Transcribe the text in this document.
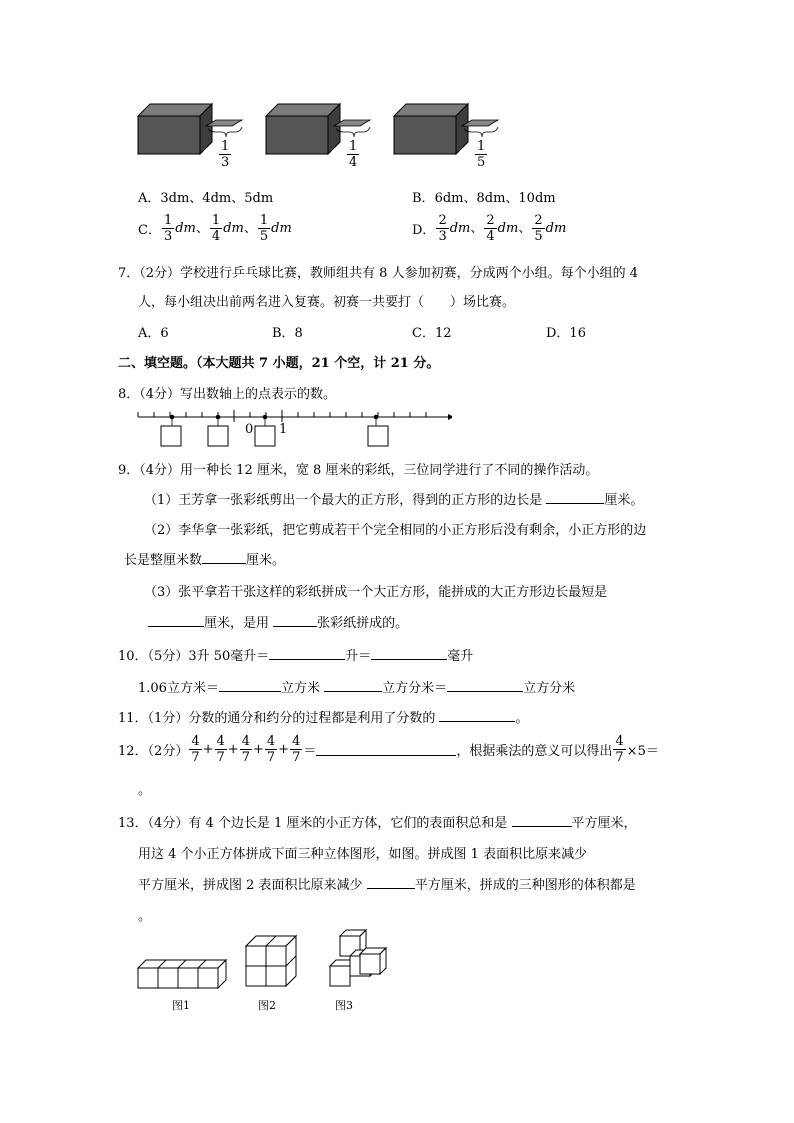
$\frac{1}{3}$	$\frac{1}{4}$	$\frac{1}{5}$
A．3dm、4dm、5dm	B．6dm、8dm、10dm
C． $\frac{1}{3}$ dm、 $\frac{1}{4}$ dm、 $\frac{1}{5}$ dm	D． $\frac{2}{3}$ dm、 $\frac{2}{4}$ dm、 $\frac{2}{5}$ dm
7．（2分）学校进行乒乓球比赛，教师组共有 8 人参加初赛，分成两个小组。每个小组的 4
人，每小组决出前两名进入复赛。初赛一共要打（　　）场比赛。
A．6	B．8	C．12	D．16
二、填空题。（本大题共 7 小题，21 个空，计 21 分。
8．（4分）写出数轴上的点表示的数。
0 1
9．（4分）用一种长 12 厘米，宽 8 厘米的彩纸，三位同学进行了不同的操作活动。
（1）王芳拿一张彩纸剪出一个最大的正方形，得到的正方形的边长是	厘米。
（2）李华拿一张彩纸，把它剪成若干个完全相同的小正方形后没有剩余，小正方形的边
长是整厘米数	厘米。
（3）张平拿若干张这样的彩纸拼成一个大正方形，能拼成的大正方形边长最短是
厘米，是用	张彩纸拼成的。
10．（5分）3升 50毫升＝	升＝	毫升
1.06立方米＝	立方米	立方分米＝	立方分米
11．（1分）分数的通分和约分的过程都是利用了分数的	。
12．（2分） $\frac{4}{7} + \frac{4}{7} + \frac{4}{7} + \frac{4}{7} + \frac{4}{7}$ ＝	，根据乘法的意义可以得出 $\frac{4}{7} \times 5=$
。
13．（4分）有 4 个边长是 1 厘米的小正方体，它们的表面积总和是	平方厘米，
用这 4 个小正方体拼成下面三种立体图形，如图。拼成图 1 表面积比原来减少
平方厘米，拼成图 2 表面积比原来减少	平方厘米，拼成的三种图形的体积都是
。
图1	图2	图3
